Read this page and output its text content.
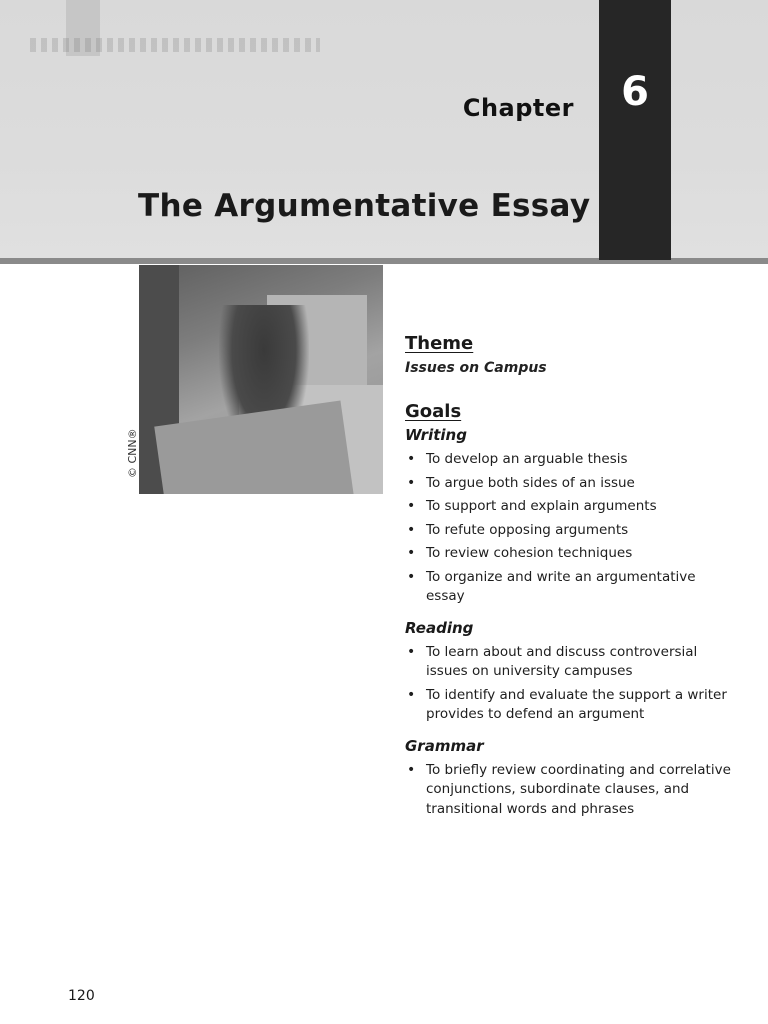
6
Chapter
The Argumentative Essay
© CNN®
Theme

Issues on Campus

Goals
Writing
• To develop an arguable thesis
• To argue both sides of an issue
• To support and explain arguments
• To refute opposing arguments
• To review cohesion techniques
• To organize and write an argumentative essay
Reading
• To learn about and discuss controversial issues on university campuses
• To identify and evaluate the support a writer provides to defend an argument
Grammar
• To briefly review coordinating and correlative conjunctions, subordinate clauses, and transitional words and phrases
120
